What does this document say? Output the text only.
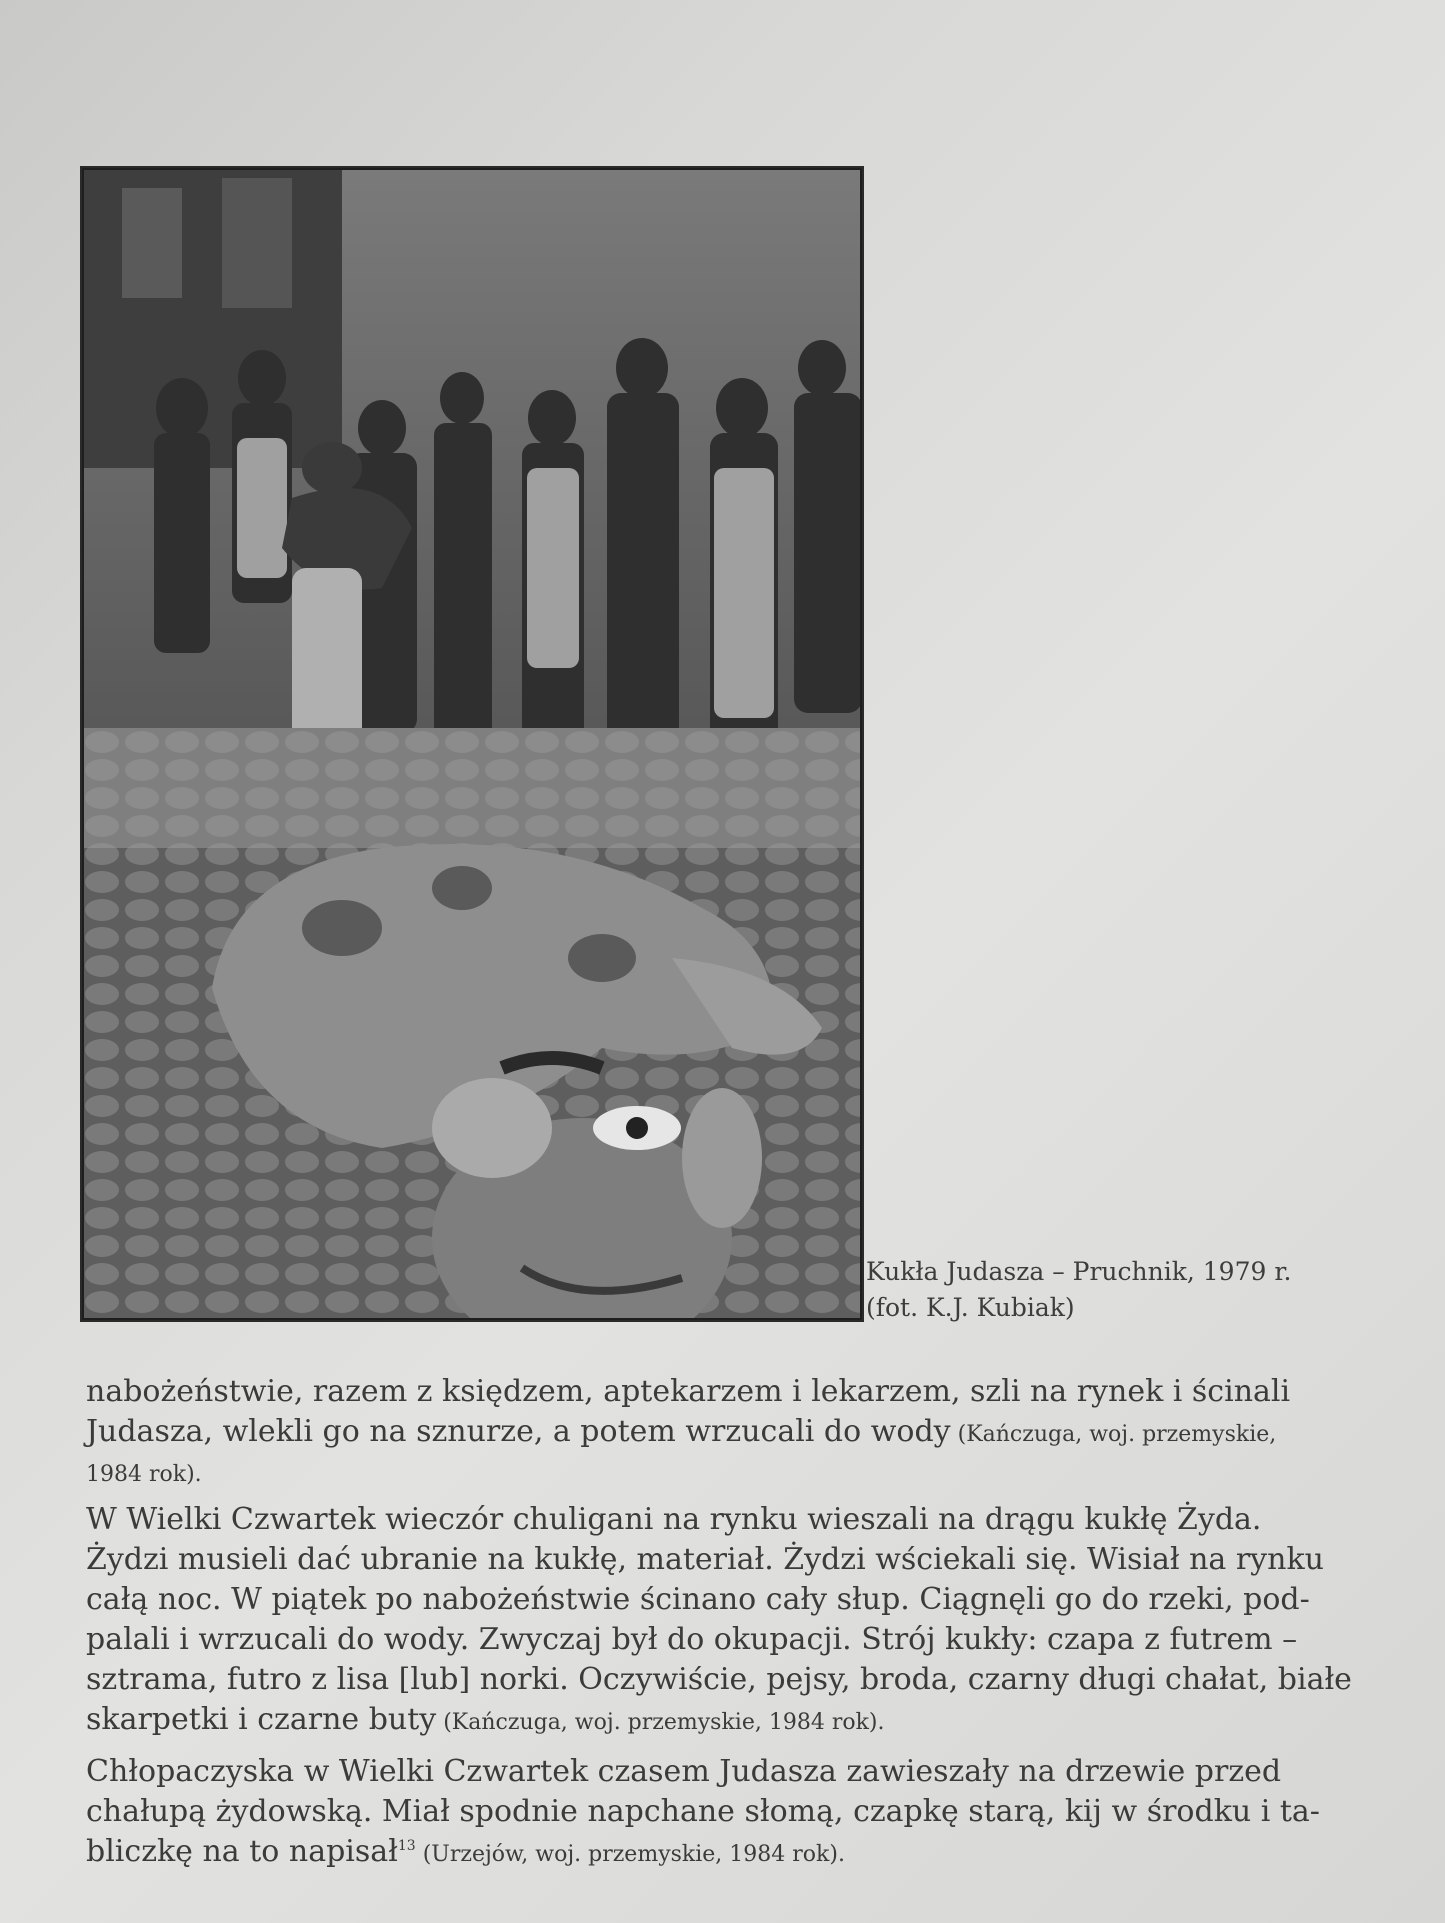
Kukła Judasza – Pruchnik, 1979 r.
(fot. K.J. Kubiak)
nabożeństwie, razem z księdzem, aptekarzem i lekarzem, szli na rynek i ścinali
Judasza, wlekli go na sznurze, a potem wrzucali do wody (Kańczuga, woj. przemyskie,
1984 rok).
W Wielki Czwartek wieczór chuligani na rynku wieszali na drągu kukłę Żyda.
Żydzi musieli dać ubranie na kukłę, materiał. Żydzi wściekali się. Wisiał na rynku
całą noc. W piątek po nabożeństwie ścinano cały słup. Ciągnęli go do rzeki, pod-
palali i wrzucali do wody. Zwyczaj był do okupacji. Strój kukły: czapa z futrem –
sztrama, futro z lisa [lub] norki. Oczywiście, pejsy, broda, czarny długi chałat, białe
skarpetki i czarne buty (Kańczuga, woj. przemyskie, 1984 rok).
Chłopaczyska w Wielki Czwartek czasem Judasza zawieszały na drzewie przed
chałupą żydowską. Miał spodnie napchane słomą, czapkę starą, kij w środku i ta-
bliczkę na to napisał$^{13}$ (Urzejów, woj. przemyskie, 1984 rok).
